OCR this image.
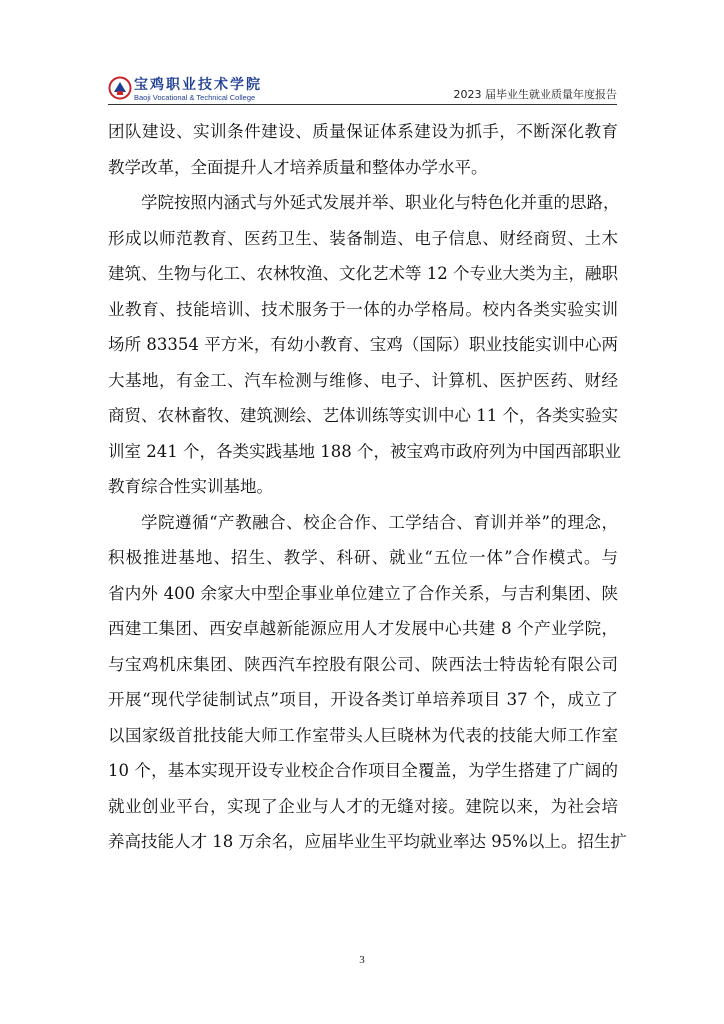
宝鸡职业技术学院
Baoji Vocational & Technical College	2023 届毕业生就业质量年度报告

团队建设、实训条件建设、质量保证体系建设为抓手，不断深化教育
教学改革，全面提升人才培养质量和整体办学水平。

学院按照内涵式与外延式发展并举、职业化与特色化并重的思路，
形成以师范教育、医药卫生、装备制造、电子信息、财经商贸、土木
建筑、生物与化工、农林牧渔、文化艺术等 12 个专业大类为主，融职
业教育、技能培训、技术服务于一体的办学格局。校内各类实验实训
场所 83354 平方米，有幼小教育、宝鸡（国际）职业技能实训中心两
大基地，有金工、汽车检测与维修、电子、计算机、医护医药、财经
商贸、农林畜牧、建筑测绘、艺体训练等实训中心 11 个，各类实验实
训室 241 个，各类实践基地 188 个，被宝鸡市政府列为中国西部职业
教育综合性实训基地。

学院遵循“产教融合、校企合作、工学结合、育训并举”的理念，
积极推进基地、招生、教学、科研、就业“五位一体”合作模式。与
省内外 400 余家大中型企事业单位建立了合作关系，与吉利集团、陕
西建工集团、西安卓越新能源应用人才发展中心共建 8 个产业学院，
与宝鸡机床集团、陕西汽车控股有限公司、陕西法士特齿轮有限公司
开展“现代学徒制试点”项目，开设各类订单培养项目 37 个，成立了
以国家级首批技能大师工作室带头人巨晓林为代表的技能大师工作室
10 个，基本实现开设专业校企合作项目全覆盖，为学生搭建了广阔的
就业创业平台，实现了企业与人才的无缝对接。建院以来，为社会培
养高技能人才 18 万余名，应届毕业生平均就业率达 95%以上。招生扩

3
